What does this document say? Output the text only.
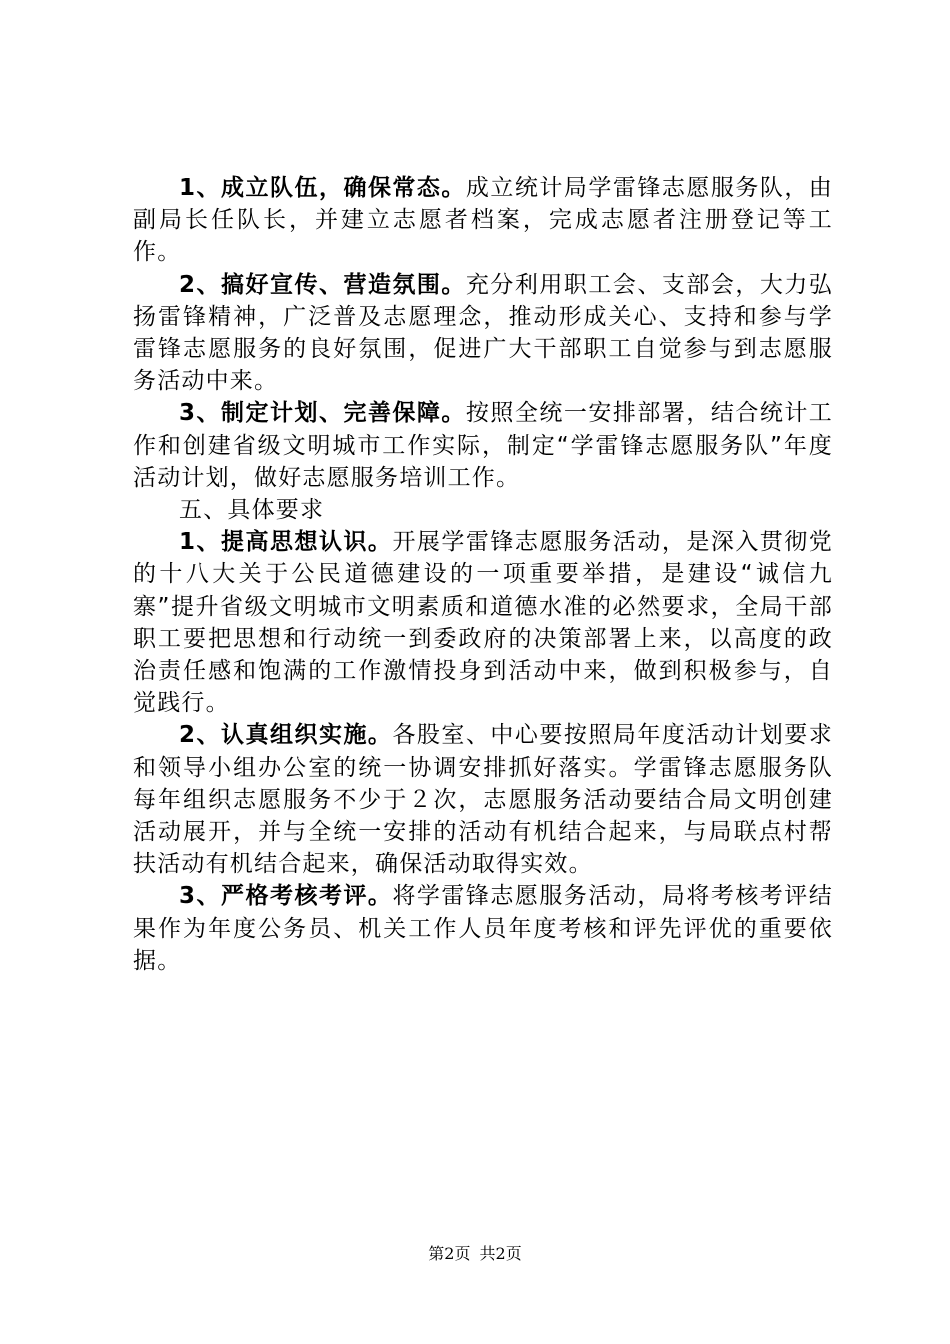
1、成立队伍，确保常态。成立统计局学雷锋志愿服务队，由副局长任队长，并建立志愿者档案，完成志愿者注册登记等工作。

2、搞好宣传、营造氛围。充分利用职工会、支部会，大力弘扬雷锋精神，广泛普及志愿理念，推动形成关心、支持和参与学雷锋志愿服务的良好氛围，促进广大干部职工自觉参与到志愿服务活动中来。

3、制定计划、完善保障。按照全统一安排部署，结合统计工作和创建省级文明城市工作实际，制定“学雷锋志愿服务队”年度活动计划，做好志愿服务培训工作。

五、具体要求

1、提高思想认识。开展学雷锋志愿服务活动，是深入贯彻党的十八大关于公民道德建设的一项重要举措，是建设“诚信九寨”提升省级文明城市文明素质和道德水准的必然要求，全局干部职工要把思想和行动统一到委政府的决策部署上来，以高度的政治责任感和饱满的工作激情投身到活动中来，做到积极参与，自觉践行。

2、认真组织实施。各股室、中心要按照局年度活动计划要求和领导小组办公室的统一协调安排抓好落实。学雷锋志愿服务队每年组织志愿服务不少于２次，志愿服务活动要结合局文明创建活动展开，并与全统一安排的活动有机结合起来，与局联点村帮扶活动有机结合起来，确保活动取得实效。

3、严格考核考评。将学雷锋志愿服务活动，局将考核考评结果作为年度公务员、机关工作人员年度考核和评先评优的重要依据。

第2页 共2页
